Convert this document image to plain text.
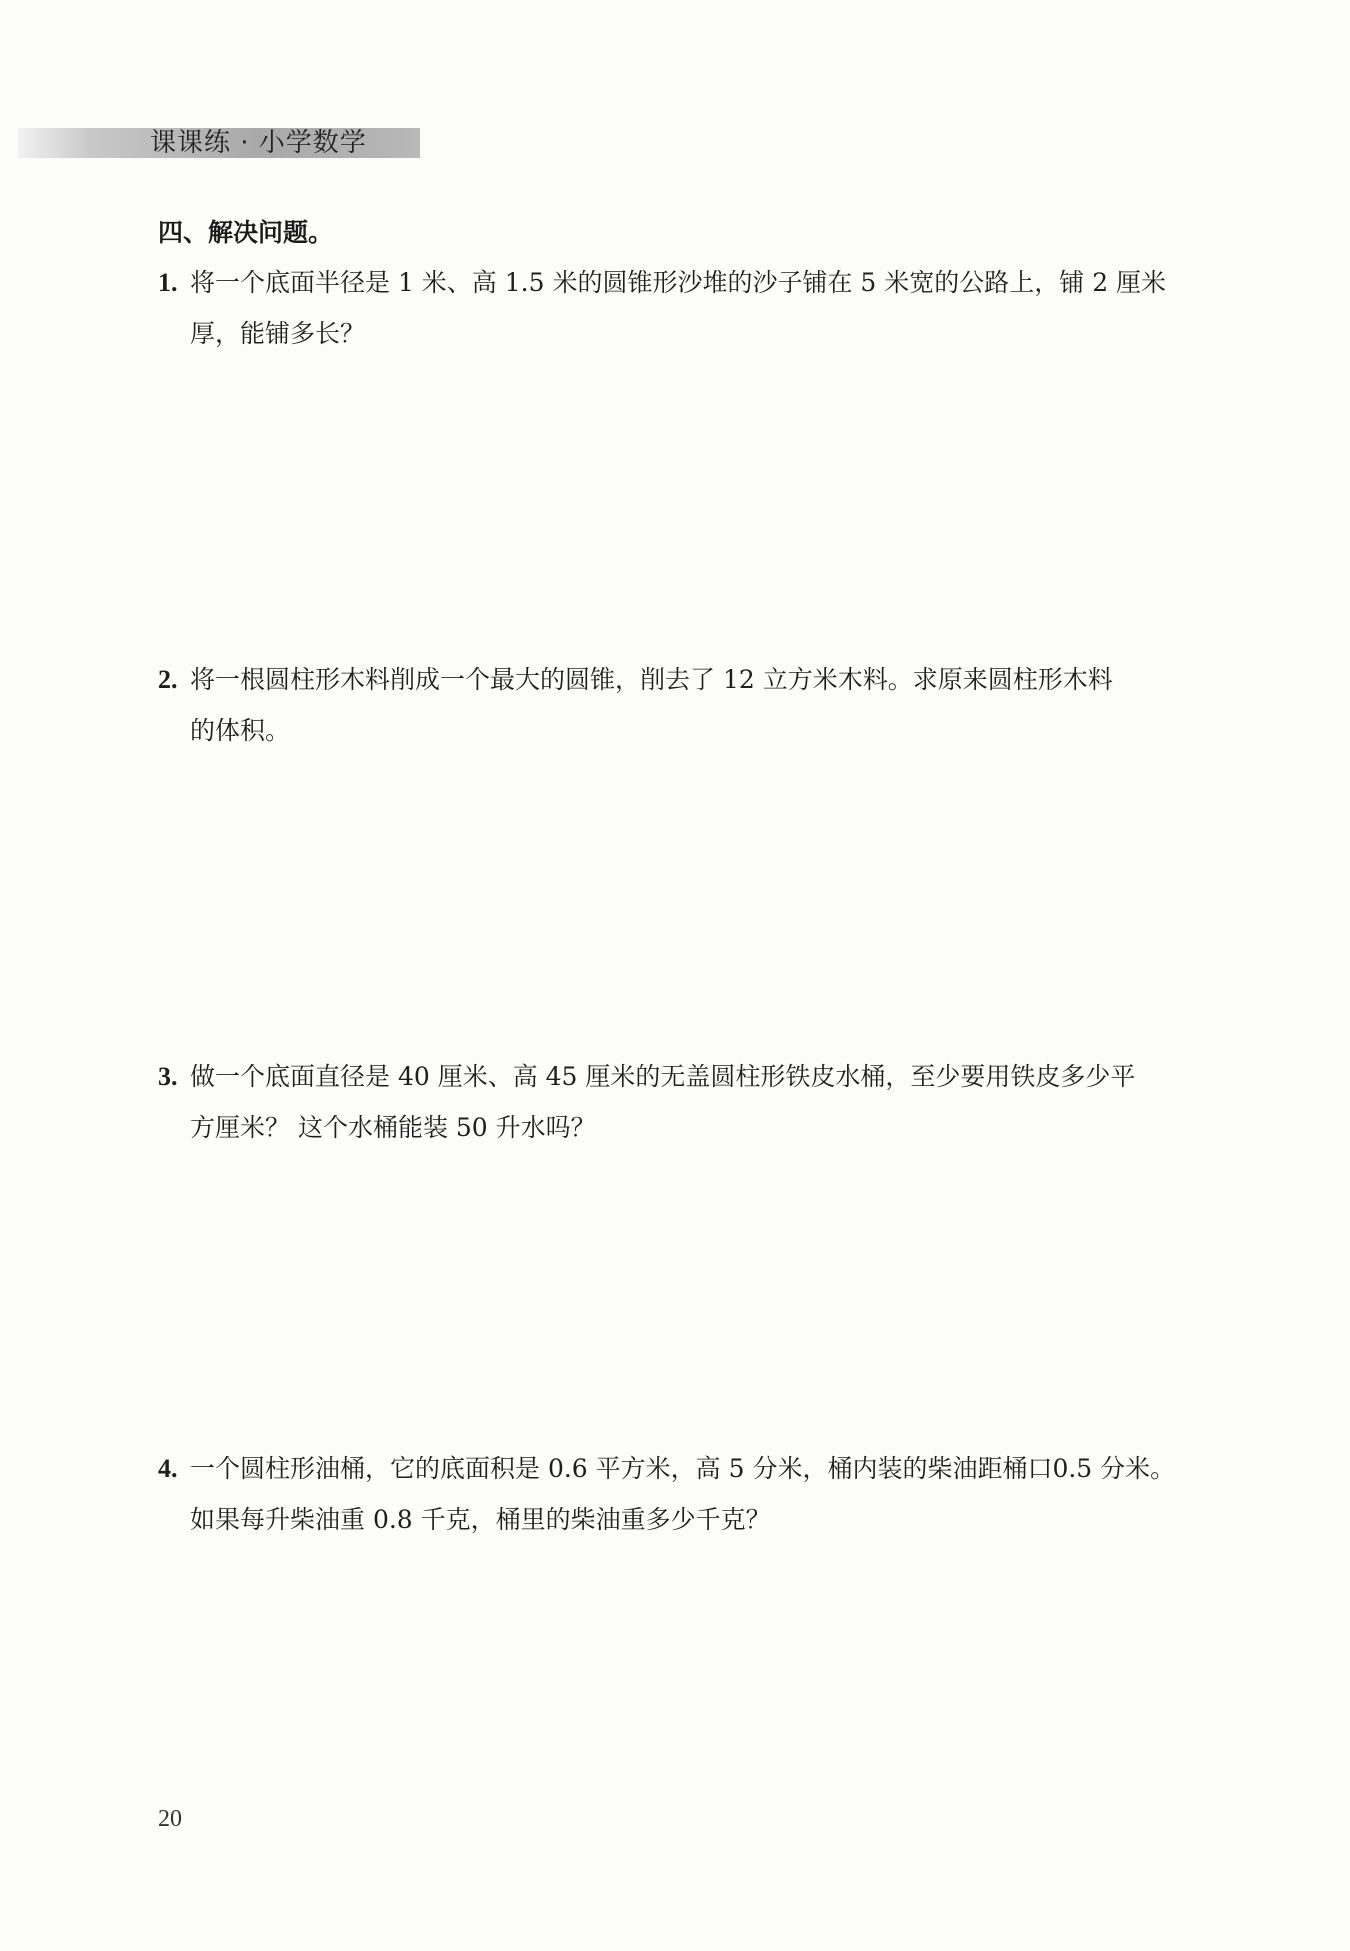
课课练 · 小学数学
四、解决问题。
1. 将一个底面半径是 1 米、高 1.5 米的圆锥形沙堆的沙子铺在 5 米宽的公路上，铺 2 厘米
厚，能铺多长？
2. 将一根圆柱形木料削成一个最大的圆锥，削去了 12 立方米木料。求原来圆柱形木料
的体积。
3. 做一个底面直径是 40 厘米、高 45 厘米的无盖圆柱形铁皮水桶，至少要用铁皮多少平
方厘米？ 这个水桶能装 50 升水吗？
4. 一个圆柱形油桶，它的底面积是 0.6 平方米，高 5 分米，桶内装的柴油距桶口0.5 分米。
如果每升柴油重 0.8 千克，桶里的柴油重多少千克？
20
